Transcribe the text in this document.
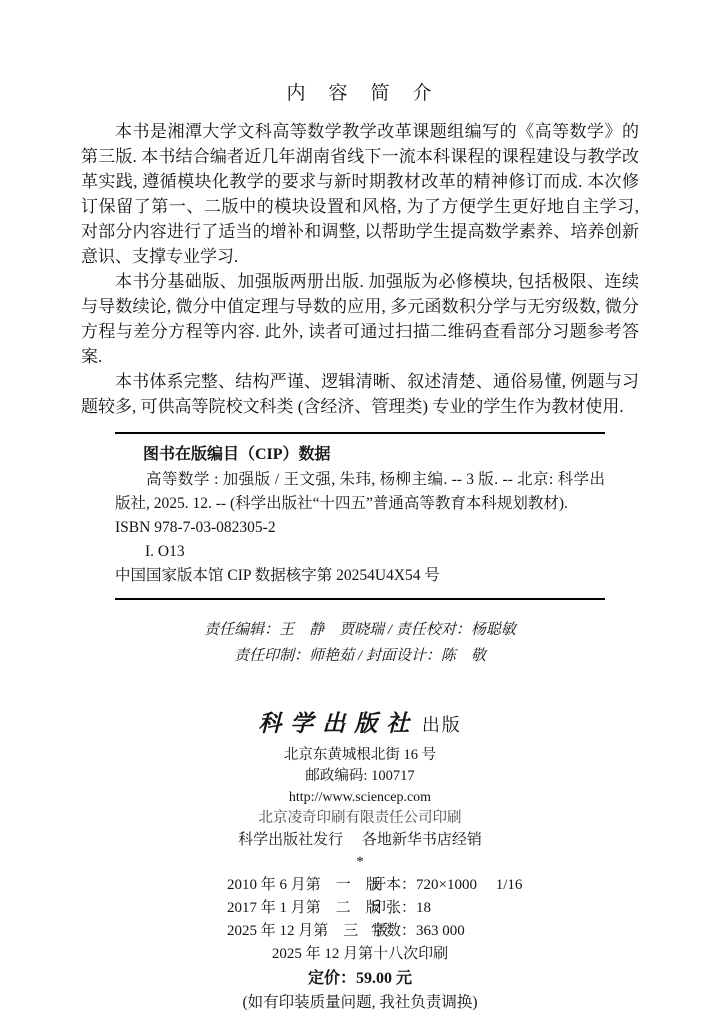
内　容　简　介

本书是湘潭大学文科高等数学教学改革课题组编写的《高等数学》的第三版. 本书结合编者近几年湖南省线下一流本科课程的课程建设与教学改革实践, 遵循模块化教学的要求与新时期教材改革的精神修订而成. 本次修订保留了第一、二版中的模块设置和风格, 为了方便学生更好地自主学习, 对部分内容进行了适当的增补和调整, 以帮助学生提高数学素养、培养创新意识、支撑专业学习.

本书分基础版、加强版两册出版. 加强版为必修模块, 包括极限、连续与导数续论, 微分中值定理与导数的应用, 多元函数积分学与无穷级数, 微分方程与差分方程等内容. 此外, 读者可通过扫描二维码查看部分习题参考答案.

本书体系完整、结构严谨、逻辑清晰、叙述清楚、通俗易懂, 例题与习题较多, 可供高等院校文科类 (含经济、管理类) 专业的学生作为教材使用.

图书在版编目（CIP）数据

高等数学 : 加强版 / 王文强, 朱玮, 杨柳主编. -- 3 版. -- 北京: 科学出版社, 2025. 12. -- (科学出版社“十四五”普通高等教育本科规划教材).

ISBN 978-7-03-082305-2
I. O13
中国国家版本馆 CIP 数据核字第 20254U4X54 号
责任编辑：王　静　贾晓瑞 / 责任校对：杨聪敏
责任印制：师艳茹 / 封面设计：陈　敬
科学出版社 出版
北京东黄城根北街 16 号
邮政编码: 100717
http://www.sciencep.com
北京凌奇印刷有限责任公司印刷
科学出版社发行　 各地新华书店经销
*
2010 年 6 月第　一　版
开本：720×1000　 1/16
2017 年 1 月第　二　版
印张：18
2025 年 12 月第　三　版
字数：363 000
2025 年 12 月第十八次印刷
定价：59.00 元
(如有印装质量问题, 我社负责调换)
